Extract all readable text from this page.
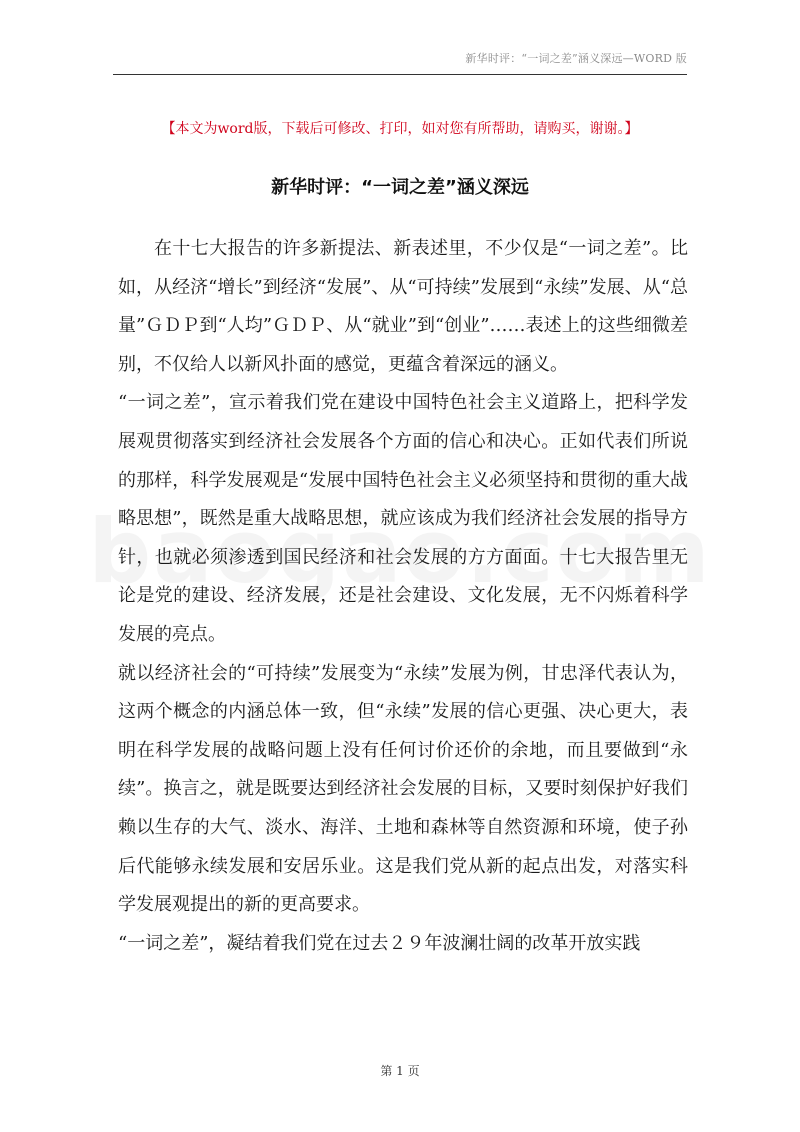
新华时评：“一词之差”涵义深远—WORD 版
【本文为word版，下载后可修改、打印，如对您有所帮助，请购买，谢谢。】
新华时评：“一词之差”涵义深远

在十七大报告的许多新提法、新表述里，不少仅是“一词之差”。比如，从经济“增长”到经济“发展”、从“可持续”发展到“永续”发展、从“总量”ＧＤＰ到“人均”ＧＤＰ、从“就业”到“创业”……表述上的这些细微差别，不仅给人以新风扑面的感觉，更蕴含着深远的涵义。

“一词之差”，宣示着我们党在建设中国特色社会主义道路上，把科学发展观贯彻落实到经济社会发展各个方面的信心和决心。正如代表们所说的那样，科学发展观是“发展中国特色社会主义必须坚持和贯彻的重大战略思想”，既然是重大战略思想，就应该成为我们经济社会发展的指导方针，也就必须渗透到国民经济和社会发展的方方面面。十七大报告里无论是党的建设、经济发展，还是社会建设、文化发展，无不闪烁着科学发展的亮点。

就以经济社会的“可持续”发展变为“永续”发展为例，甘忠泽代表认为，这两个概念的内涵总体一致，但“永续”发展的信心更强、决心更大，表明在科学发展的战略问题上没有任何讨价还价的余地，而且要做到“永续”。换言之，就是既要达到经济社会发展的目标，又要时刻保护好我们赖以生存的大气、淡水、海洋、土地和森林等自然资源和环境，使子孙后代能够永续发展和安居乐业。这是我们党从新的起点出发，对落实科学发展观提出的新的更高要求。

“一词之差”，凝结着我们党在过去２９年波澜壮阔的改革开放实践

第 1 页
